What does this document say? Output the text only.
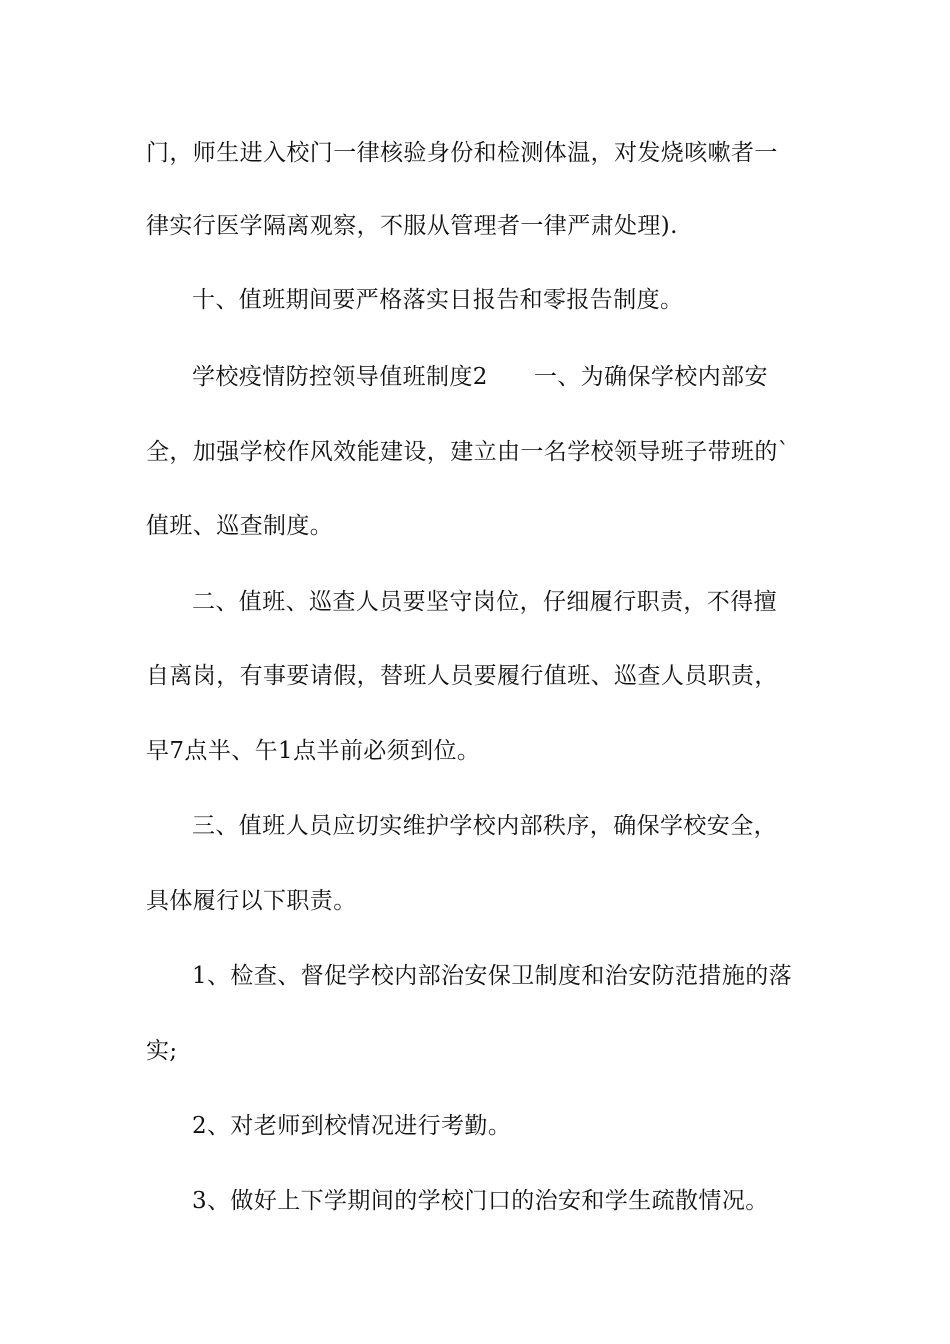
门，师生进入校门一律核验身份和检测体温，对发烧咳嗽者一
律实行医学隔离观察，不服从管理者一律严肃处理).
十、值班期间要严格落实日报告和零报告制度。
学校疫情防控领导值班制度2 一、为确保学校内部安
全，加强学校作风效能建设，建立由一名学校领导班子带班的`
值班、巡查制度。
二、值班、巡查人员要坚守岗位，仔细履行职责，不得擅
自离岗，有事要请假，替班人员要履行值班、巡查人员职责，
早7点半、午1点半前必须到位。
三、值班人员应切实维护学校内部秩序，确保学校安全，
具体履行以下职责。
1、检查、督促学校内部治安保卫制度和治安防范措施的落
实;
2、对老师到校情况进行考勤。
3、做好上下学期间的学校门口的治安和学生疏散情况。
